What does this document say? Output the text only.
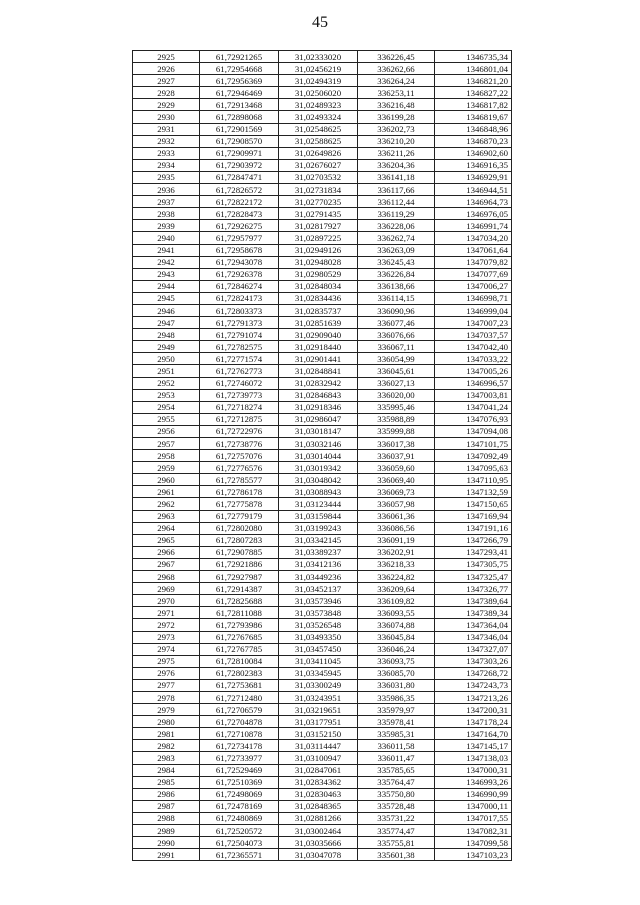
45
2925	61,72921265	31,02333020	336226,45	1346735,34
2926	61,72954668	31,02456219	336262,66	1346801,04
2927	61,72956369	31,02494319	336264,24	1346821,20
2928	61,72946469	31,02506020	336253,11	1346827,22
2929	61,72913468	31,02489323	336216,48	1346817,82
2930	61,72898068	31,02493324	336199,28	1346819,67
2931	61,72901569	31,02548625	336202,73	1346848,96
2932	61,72908570	31,02588625	336210,20	1346870,23
2933	61,72909971	31,02649826	336211,26	1346902,60
2934	61,72903972	31,02676027	336204,36	1346916,35
2935	61,72847471	31,02703532	336141,18	1346929,91
2936	61,72826572	31,02731834	336117,66	1346944,51
2937	61,72822172	31,02770235	336112,44	1346964,73
2938	61,72828473	31,02791435	336119,29	1346976,05
2939	61,72926275	31,02817927	336228,06	1346991,74
2940	61,72957977	31,02897225	336262,74	1347034,20
2941	61,72958678	31,02949126	336263,09	1347061,64
2942	61,72943078	31,02948028	336245,43	1347079,82
2943	61,72926378	31,02980529	336226,84	1347077,69
2944	61,72846274	31,02848034	336138,66	1347006,27
2945	61,72824173	31,02834436	336114,15	1346998,71
2946	61,72803373	31,02835737	336090,96	1346999,04
2947	61,72791373	31,02851639	336077,46	1347007,23
2948	61,72791074	31,02909040	336076,66	1347037,57
2949	61,72782575	31,02918440	336067,11	1347042,40
2950	61,72771574	31,02901441	336054,99	1347033,22
2951	61,72762773	31,02848841	336045,61	1347005,26
2952	61,72746072	31,02832942	336027,13	1346996,57
2953	61,72739773	31,02846843	336020,00	1347003,81
2954	61,72718274	31,02918346	335995,46	1347041,24
2955	61,72712875	31,02986047	335988,89	1347076,93
2956	61,72722976	31,03018147	335999,88	1347094,08
2957	61,72738776	31,03032146	336017,38	1347101,75
2958	61,72757076	31,03014044	336037,91	1347092,49
2959	61,72776576	31,03019342	336059,60	1347095,63
2960	61,72785577	31,03048042	336069,40	1347110,95
2961	61,72786178	31,03088943	336069,73	1347132,59
2962	61,72775878	31,03123444	336057,98	1347150,65
2963	61,72779179	31,03159844	336061,36	1347169,94
2964	61,72802080	31,03199243	336086,56	1347191,16
2965	61,72807283	31,03342145	336091,19	1347266,79
2966	61,72907885	31,03389237	336202,91	1347293,41
2967	61,72921886	31,03412136	336218,33	1347305,75
2968	61,72927987	31,03449236	336224,82	1347325,47
2969	61,72914387	31,03452137	336209,64	1347326,77
2970	61,72825688	31,03573946	336109,82	1347389,64
2971	61,72811088	31,03573848	336093,55	1347389,34
2972	61,72793986	31,03526548	336074,88	1347364,04
2973	61,72767685	31,03493350	336045,84	1347346,04
2974	61,72767785	31,03457450	336046,24	1347327,07
2975	61,72810084	31,03411045	336093,75	1347303,26
2976	61,72802383	31,03345945	336085,70	1347268,72
2977	61,72753681	31,03300249	336031,80	1347243,73
2978	61,72712480	31,03243951	335986,35	1347213,26
2979	61,72706579	31,03219651	335979,97	1347200,31
2980	61,72704878	31,03177951	335978,41	1347178,24
2981	61,72710878	31,03152150	335985,31	1347164,70
2982	61,72734178	31,03114447	336011,58	1347145,17
2983	61,72733977	31,03100947	336011,47	1347138,03
2984	61,72529469	31,02847061	335785,65	1347000,31
2985	61,72510369	31,02834362	335764,47	1346993,26
2986	61,72498069	31,02830463	335750,80	1346990,99
2987	61,72478169	31,02848365	335728,48	1347000,11
2988	61,72480869	31,02881266	335731,22	1347017,55
2989	61,72520572	31,03002464	335774,47	1347082,31
2990	61,72504073	31,03035666	335755,81	1347099,58
2991	61,72365571	31,03047078	335601,38	1347103,23
